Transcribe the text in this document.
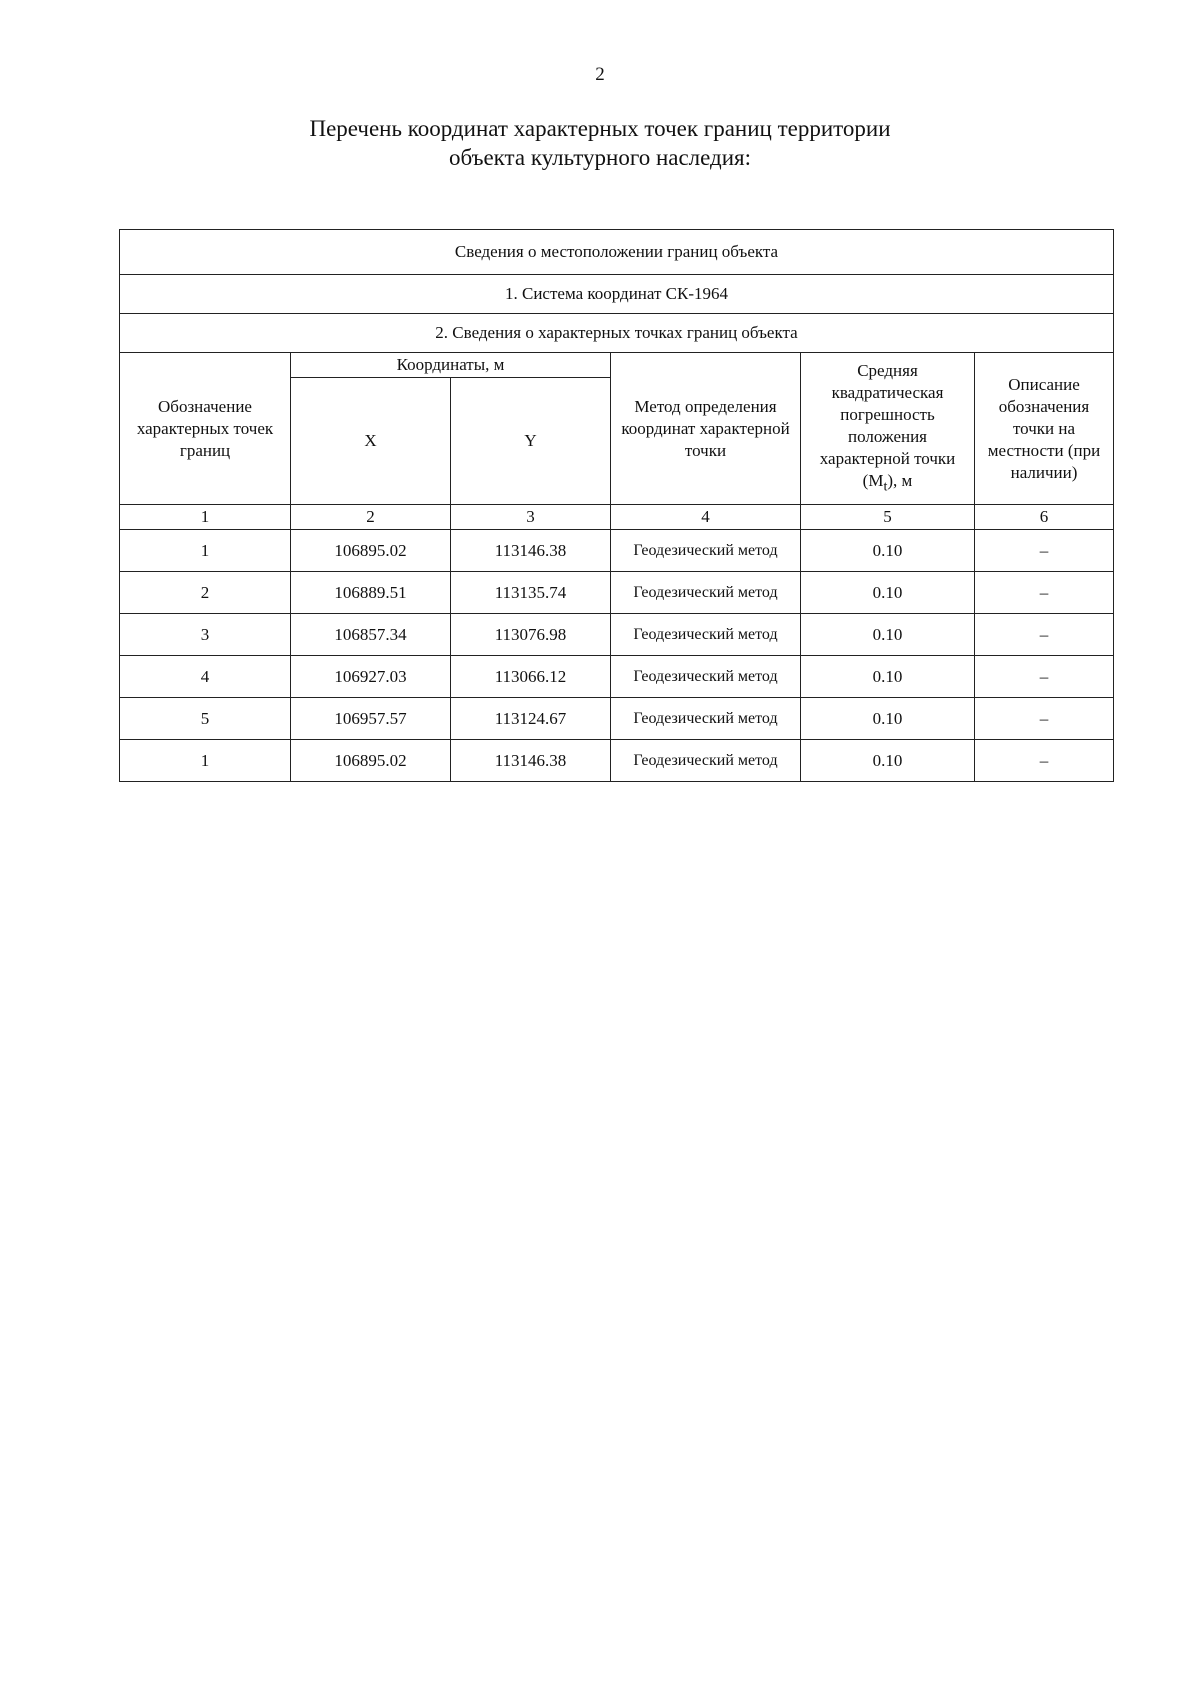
2
Перечень координат характерных точек границ территории
объекта культурного наследия:
Сведения о местоположении границ объекта					
1. Система координат СК-1964					
2. Сведения о характерных точках границ объекта					
Обозначение характерных точек границ	Координаты, м		Метод определения координат характерной точки	Средняя квадратическая погрешность положения характерной точки $(M_t)$, м	Описание обозначения точки на местности (при наличии)
	X	Y			
1	2	3	4	5	6
1	106895.02	113146.38	Геодезический метод	0.10	–
2	106889.51	113135.74	Геодезический метод	0.10	–
3	106857.34	113076.98	Геодезический метод	0.10	–
4	106927.03	113066.12	Геодезический метод	0.10	–
5	106957.57	113124.67	Геодезический метод	0.10	–
1	106895.02	113146.38	Геодезический метод	0.10	–
